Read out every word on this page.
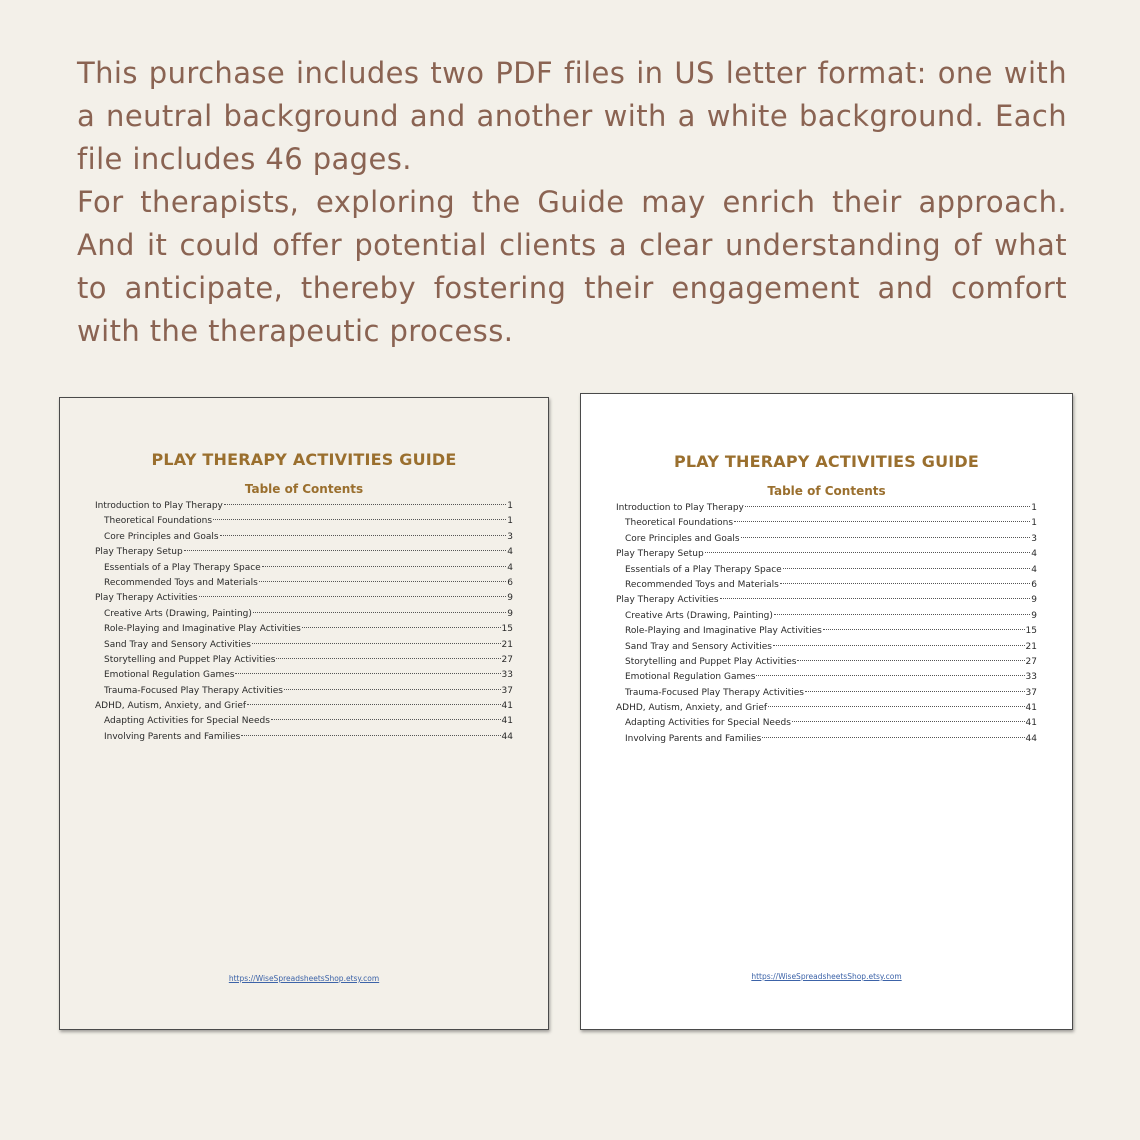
This purchase includes two PDF files in US letter format: one with a neutral background and another with a white background. Each file includes 46 pages.

For therapists, exploring the Guide may enrich their approach. And it could offer potential clients a clear understanding of what to anticipate, thereby fostering their engagement and comfort with the therapeutic process.

PLAY THERAPY ACTIVITIES GUIDE
Table of Contents
Introduction to Play Therapy	1
Theoretical Foundations	1
Core Principles and Goals	3
Play Therapy Setup	4
Essentials of a Play Therapy Space	4
Recommended Toys and Materials	6
Play Therapy Activities	9
Creative Arts (Drawing, Painting)	9
Role-Playing and Imaginative Play Activities	15
Sand Tray and Sensory Activities	21
Storytelling and Puppet Play Activities	27
Emotional Regulation Games	33
Trauma-Focused Play Therapy Activities	37
ADHD, Autism, Anxiety, and Grief	41
Adapting Activities for Special Needs	41
Involving Parents and Families	44
https://WiseSpreadsheetsShop.etsy.com
PLAY THERAPY ACTIVITIES GUIDE
Table of Contents
Introduction to Play Therapy	1
Theoretical Foundations	1
Core Principles and Goals	3
Play Therapy Setup	4
Essentials of a Play Therapy Space	4
Recommended Toys and Materials	6
Play Therapy Activities	9
Creative Arts (Drawing, Painting)	9
Role-Playing and Imaginative Play Activities	15
Sand Tray and Sensory Activities	21
Storytelling and Puppet Play Activities	27
Emotional Regulation Games	33
Trauma-Focused Play Therapy Activities	37
ADHD, Autism, Anxiety, and Grief	41
Adapting Activities for Special Needs	41
Involving Parents and Families	44
https://WiseSpreadsheetsShop.etsy.com
